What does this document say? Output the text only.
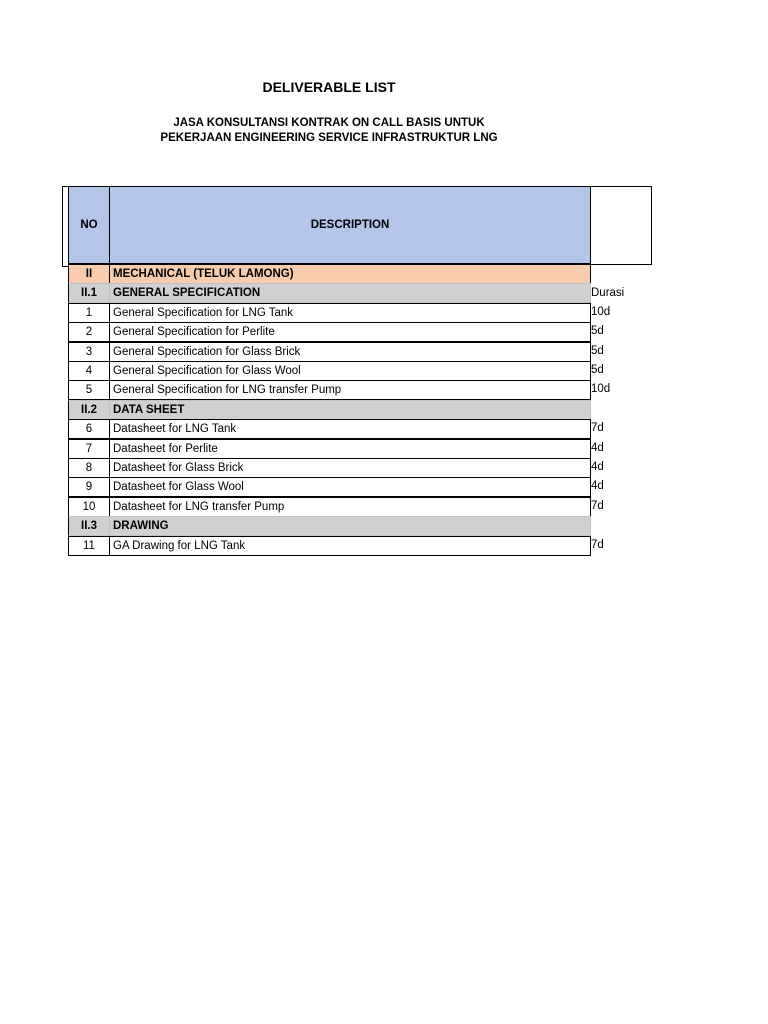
DELIVERABLE LIST
JASA KONSULTANSI KONTRAK ON CALL BASIS UNTUK
PEKERJAAN ENGINEERING SERVICE INFRASTRUKTUR LNG
NO	DESCRIPTION
II	MECHANICAL (TELUK LAMONG)
II.1	GENERAL SPECIFICATION	Durasi
1	General Specification for LNG Tank	10d
2	General Specification for Perlite	5d
3	General Specification for Glass Brick	5d
4	General Specification for Glass Wool	5d
5	General Specification for LNG transfer Pump	10d
II.2	DATA SHEET
6	Datasheet for LNG Tank	7d
7	Datasheet for Perlite	4d
8	Datasheet for Glass Brick	4d
9	Datasheet for Glass Wool	4d
10	Datasheet for LNG transfer Pump	7d
II.3	DRAWING
11	GA Drawing for LNG Tank	7d
